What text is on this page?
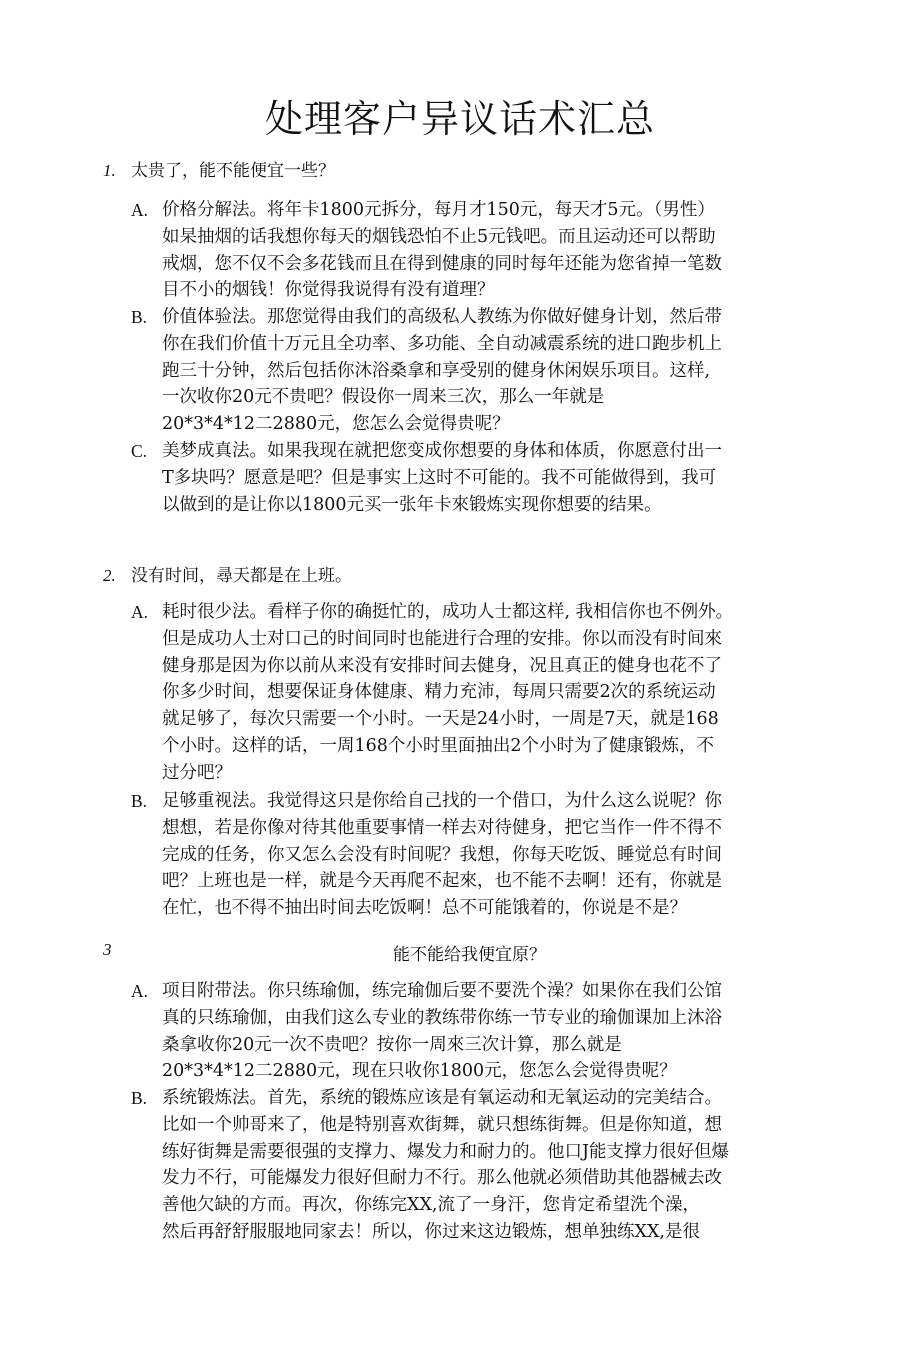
处理客户异议话术汇总
1. 太贵了，能不能便宜一些？
A. 价格分解法。将年卡1800元拆分，每月才150元，每天才5元。（男性）
如杲抽烟的话我想你每天的烟钱恐怕不止5元钱吧。而且运动还可以帮助
戒烟，您不仅不会多花钱而且在得到健康的同时每年还能为您省掉一笔数
目不小的烟钱！你觉得我说得有没有道理？
B. 价值体验法。那您觉得由我们的高级私人教练为你做好健身计划，然后带
你在我们价值十万元且全功率、多功能、全自动减震系统的进口跑步机上
跑三十分钟，然后包括你沐浴桑拿和享受别的健身休闲娱乐项目。这样,
一次收你20元不贵吧？假设你一周来三次，那么一年就是
20*3*4*12二2880元，您怎么会觉得贵呢？
C. 美梦成真法。如果我现在就把您变成你想要的身体和体质，你愿意付出一
T多块吗？愿意是吧？但是事实上这时不可能的。我不可能做得到，我可
以做到的是让你以1800元买一张年卡來锻炼实现你想要的结果。
2. 没有时间，尋天都是在上班。
A. 耗时很少法。看样子你的确挺忙的，成功人士都这样, 我相信你也不例外。
但是成功人士对口己的时间同时也能进行合理的安排。你以而没有时间來
健身那是因为你以前从来没有安排时间去健身，况且真正的健身也花不了
你多少时间，想要保证身体健康、精力充沛，每周只需要2次的系统运动
就足够了，每次只需要一个小时。一天是24小时，一周是7天，就是168
个小时。这样的话，一周168个小时里面抽出2个小时为了健康锻炼，不
过分吧？
B. 足够重视法。我觉得这只是你给自己找的一个借口，为什么这么说呢？你
想想，若是你像对待其他重要事情一样去对待健身，把它当作一件不得不
完成的任务，你又怎么会没有时间呢？我想，你每天吃饭、睡觉总有时间
吧？上班也是一样，就是今天再爬不起來，也不能不去啊！还有，你就是
在忙，也不得不抽出时间去吃饭啊！总不可能饿着的，你说是不是？
3	能不能给我便宜原？
A. 项目附带法。你只练瑜伽，练完瑜伽后要不要洗个澡？如果你在我们公馆
真的只练瑜伽，由我们这么专业的教练带你练一节专业的瑜伽课加上沐浴
桑拿收你20元一次不贵吧？按你一周來三次计算，那么就是
20*3*4*12二2880元，现在只收你1800元，您怎么会觉得贵呢？
B. 系统锻炼法。首先，系统的锻炼应该是有氧运动和无氧运动的完美结合。
比如一个帅哥来了，他是特别喜欢街舞，就只想练街舞。但是你知道，想
练好街舞是需要很强的支撑力、爆发力和耐力的。他口J能支撑力很好但爆
发力不行，可能爆发力很好但耐力不行。那么他就必须借助其他器械去改
善他欠缺的方而。再次，你练完XX,流了一身汗，您肯定希望洗个澡，
然后再舒舒服服地同家去！所以，你过来这边锻炼，想单独练XX,是很
